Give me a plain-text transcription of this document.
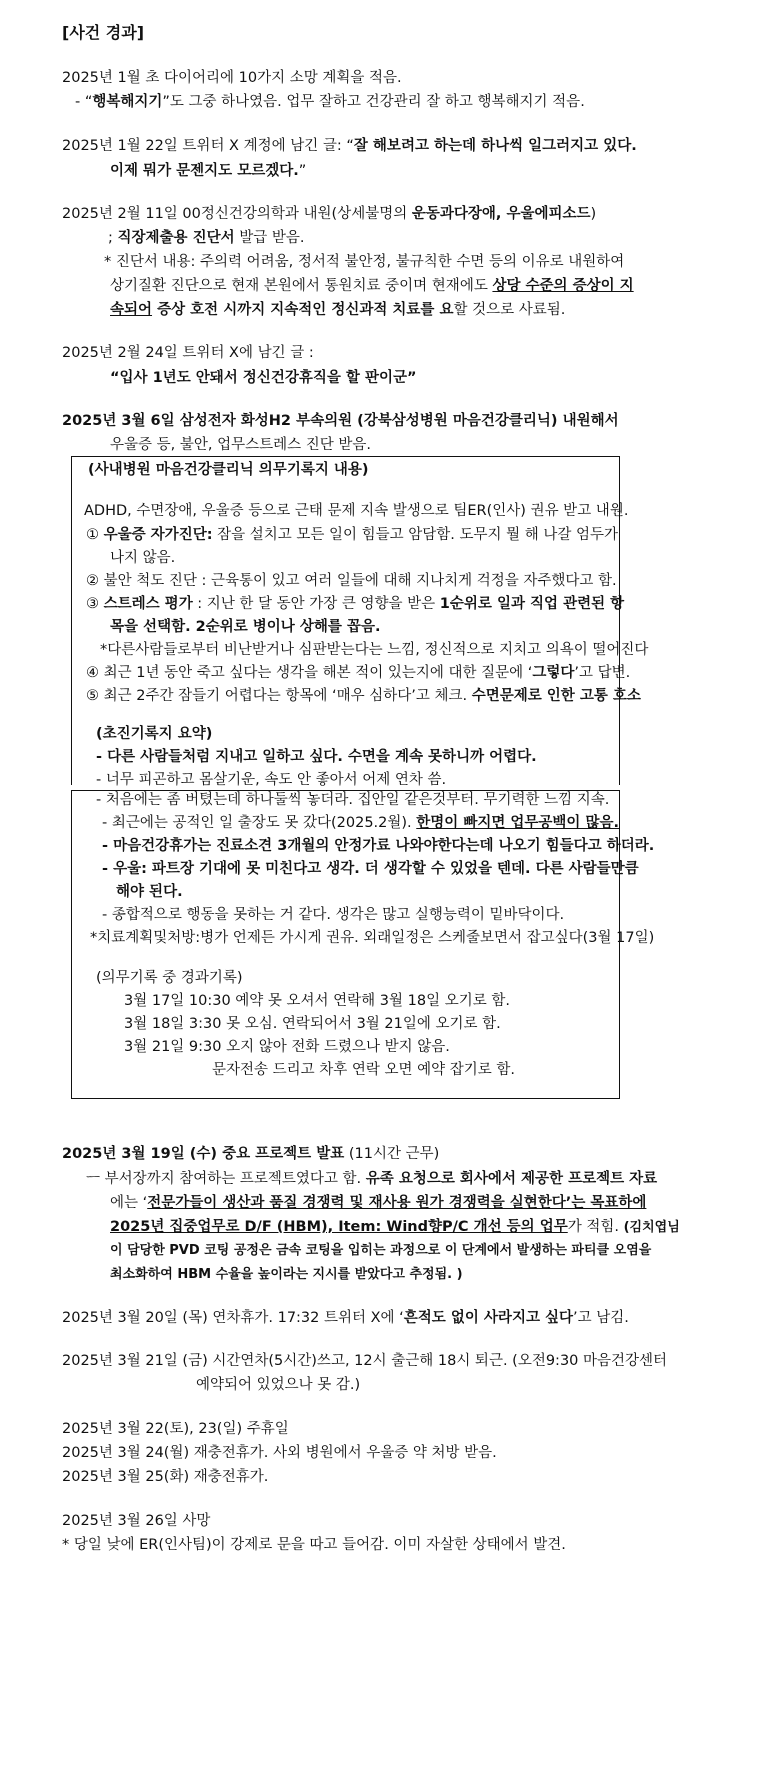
[사건 경과]
2025년 1월 초 다이어리에 10가지 소망 계획을 적음.
- “행복해지기”도 그중 하나였음. 업무 잘하고 건강관리 잘 하고 행복해지기 적음.
2025년 1월 22일 트위터 X 계정에 남긴 글: “잘 해보려고 하는데 하나씩 일그러지고 있다.
이제 뭐가 문젠지도 모르겠다.”
2025년 2월 11일 00정신건강의학과 내원(상세불명의 운동과다장애, 우울에피소드)
; 직장제출용 진단서 발급 받음.
* 진단서 내용: 주의력 어려움, 정서적 불안정, 불규칙한 수면 등의 이유로 내원하여
상기질환 진단으로 현재 본원에서 통원치료 중이며 현재에도 상당 수준의 증상이 지
속되어 증상 호전 시까지 지속적인 정신과적 치료를 요할 것으로 사료됨.
2025년 2월 24일 트위터 X에 남긴 글 :
“입사 1년도 안돼서 정신건강휴직을 할 판이군”
2025년 3월 6일 삼성전자 화성H2 부속의원 (강북삼성병원 마음건강클리닉) 내원해서
우울증 등, 불안, 업무스트레스 진단 받음.
(사내병원 마음건강클리닉 의무기록지 내용)
ADHD, 수면장애, 우울증 등으로 근태 문제 지속 발생으로 팀ER(인사) 권유 받고 내원.
① 우울증 자가진단: 잠을 설치고 모든 일이 힘들고 암담함. 도무지 뭘 해 나갈 엄두가
나지 않음.
② 불안 척도 진단 : 근육통이 있고 여러 일들에 대해 지나치게 걱정을 자주했다고 함.
③ 스트레스 평가 : 지난 한 달 동안 가장 큰 영향을 받은 1순위로 일과 직업 관련된 항
목을 선택함. 2순위로 병이나 상해를 꼽음.
*다른사람들로부터 비난받거나 심판받는다는 느낌, 정신적으로 지치고 의욕이 떨어진다
④ 최근 1년 동안 죽고 싶다는 생각을 해본 적이 있는지에 대한 질문에 ‘그렇다’고 답변.
⑤ 최근 2주간 잠들기 어렵다는 항목에 ‘매우 심하다’고 체크. 수면문제로 인한 고통 호소
(초진기록지 요약)
- 다른 사람들처럼 지내고 일하고 싶다. 수면을 계속 못하니까 어렵다.
- 너무 피곤하고 몸살기운, 속도 안 좋아서 어제 연차 씀.
- 처음에는 좀 버텼는데 하나둘씩 놓더라. 집안일 같은것부터. 무기력한 느낌 지속.
- 최근에는 공적인 일 출장도 못 갔다(2025.2월). 한명이 빠지면 업무공백이 많음.
- 마음건강휴가는 진료소견 3개월의 안정가료 나와야한다는데 나오기 힘들다고 하더라.
- 우울: 파트장 기대에 못 미친다고 생각. 더 생각할 수 있었을 텐데. 다른 사람들만큼
해야 된다.
- 종합적으로 행동을 못하는 거 같다. 생각은 많고 실행능력이 밑바닥이다.
*치료계획및처방:병가 언제든 가시게 권유. 외래일정은 스케줄보면서 잡고싶다(3월 17일)
(의무기록 중 경과기록)
3월 17일 10:30 예약 못 오셔서 연락해 3월 18일 오기로 함.
3월 18일 3:30 못 오심. 연락되어서 3월 21일에 오기로 함.
3월 21일 9:30 오지 않아 전화 드렸으나 받지 않음.
문자전송 드리고 차후 연락 오면 예약 잡기로 함.
2025년 3월 19일 (수) 중요 프로젝트 발표 (11시간 근무)
ㅡ 부서장까지 참여하는 프로젝트였다고 함. 유족 요청으로 회사에서 제공한 프로젝트 자료
에는 ‘전문가들이 생산과 품질 경쟁력 및 재사용 원가 경쟁력을 실현한다’는 목표하에
2025년 집중업무로 D/F (HBM), Item: Wind향P/C 개선 등의 업무가 적힘. (김치엽님
이 담당한 PVD 코팅 공정은 금속 코팅을 입히는 과정으로 이 단계에서 발생하는 파티클 오염을
최소화하여 HBM 수율을 높이라는 지시를 받았다고 추정됨. )
2025년 3월 20일 (목) 연차휴가. 17:32 트위터 X에 ‘흔적도 없이 사라지고 싶다’고 남김.
2025년 3월 21일 (금) 시간연차(5시간)쓰고, 12시 출근해 18시 퇴근. (오전9:30 마음건강센터
예약되어 있었으나 못 감.)
2025년 3월 22(토), 23(일) 주휴일
2025년 3월 24(월) 재충전휴가. 사외 병원에서 우울증 약 처방 받음.
2025년 3월 25(화) 재충전휴가.
2025년 3월 26일 사망
* 당일 낮에 ER(인사팀)이 강제로 문을 따고 들어감. 이미 자살한 상태에서 발견.
